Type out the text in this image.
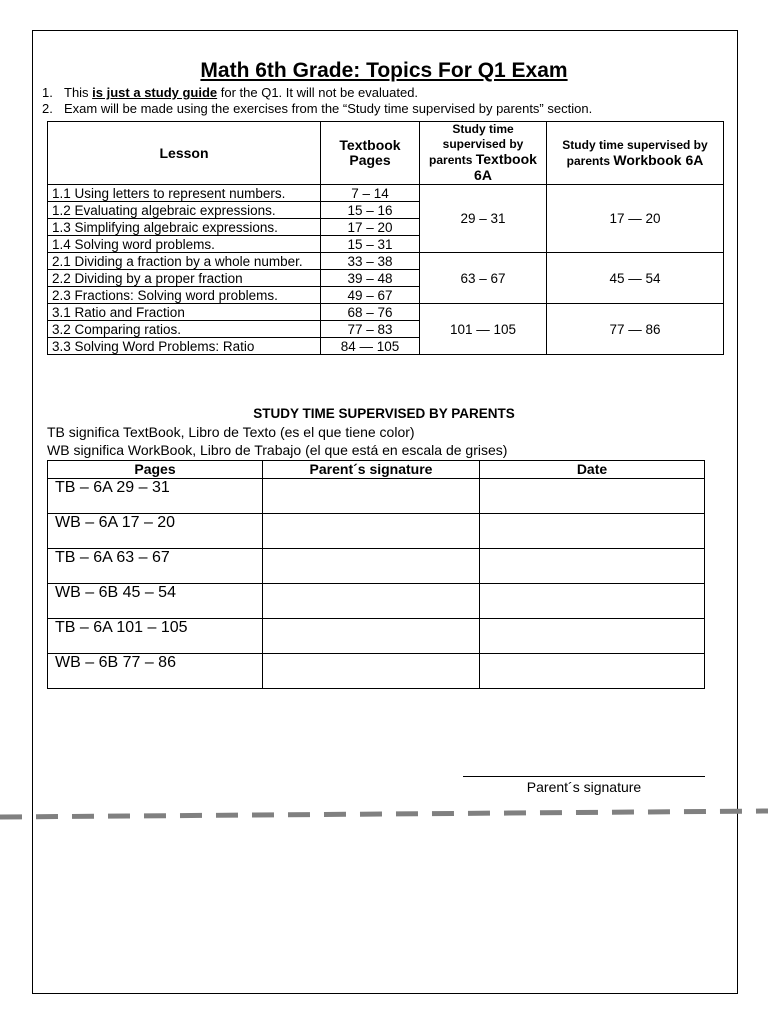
Math 6th Grade: Topics For Q1 Exam
1. This is just a study guide for the Q1. It will not be evaluated.
2. Exam will be made using the exercises from the “Study time supervised by parents” section.
Lesson	Textbook Pages	Study time supervised by parents Textbook 6A	Study time supervised by parents Workbook 6A
1.1 Using letters to represent numbers.	7 – 14	29 – 31	17 — 20
1.2 Evaluating algebraic expressions.	15 – 16		
1.3 Simplifying algebraic expressions.	17 – 20		
1.4 Solving word problems.	15 – 31		
2.1 Dividing a fraction by a whole number.	33 – 38	63 – 67	45 — 54
2.2 Dividing by a proper fraction	39 – 48		
2.3 Fractions: Solving word problems.	49 – 67		
3.1 Ratio and Fraction	68 – 76	101 — 105	77 — 86
3.2 Comparing ratios.	77 – 83		
3.3 Solving Word Problems: Ratio	84 — 105		
STUDY TIME SUPERVISED BY PARENTS
TB significa TextBook, Libro de Texto (es el que tiene color)
WB significa WorkBook, Libro de Trabajo (el que está en escala de grises)
Pages	Parent´s signature	Date
TB – 6A 29 – 31		
WB – 6A 17 – 20		
TB – 6A 63 – 67		
WB – 6B 45 – 54		
TB – 6A 101 – 105		
WB – 6B 77 – 86		
Parent´s signature
